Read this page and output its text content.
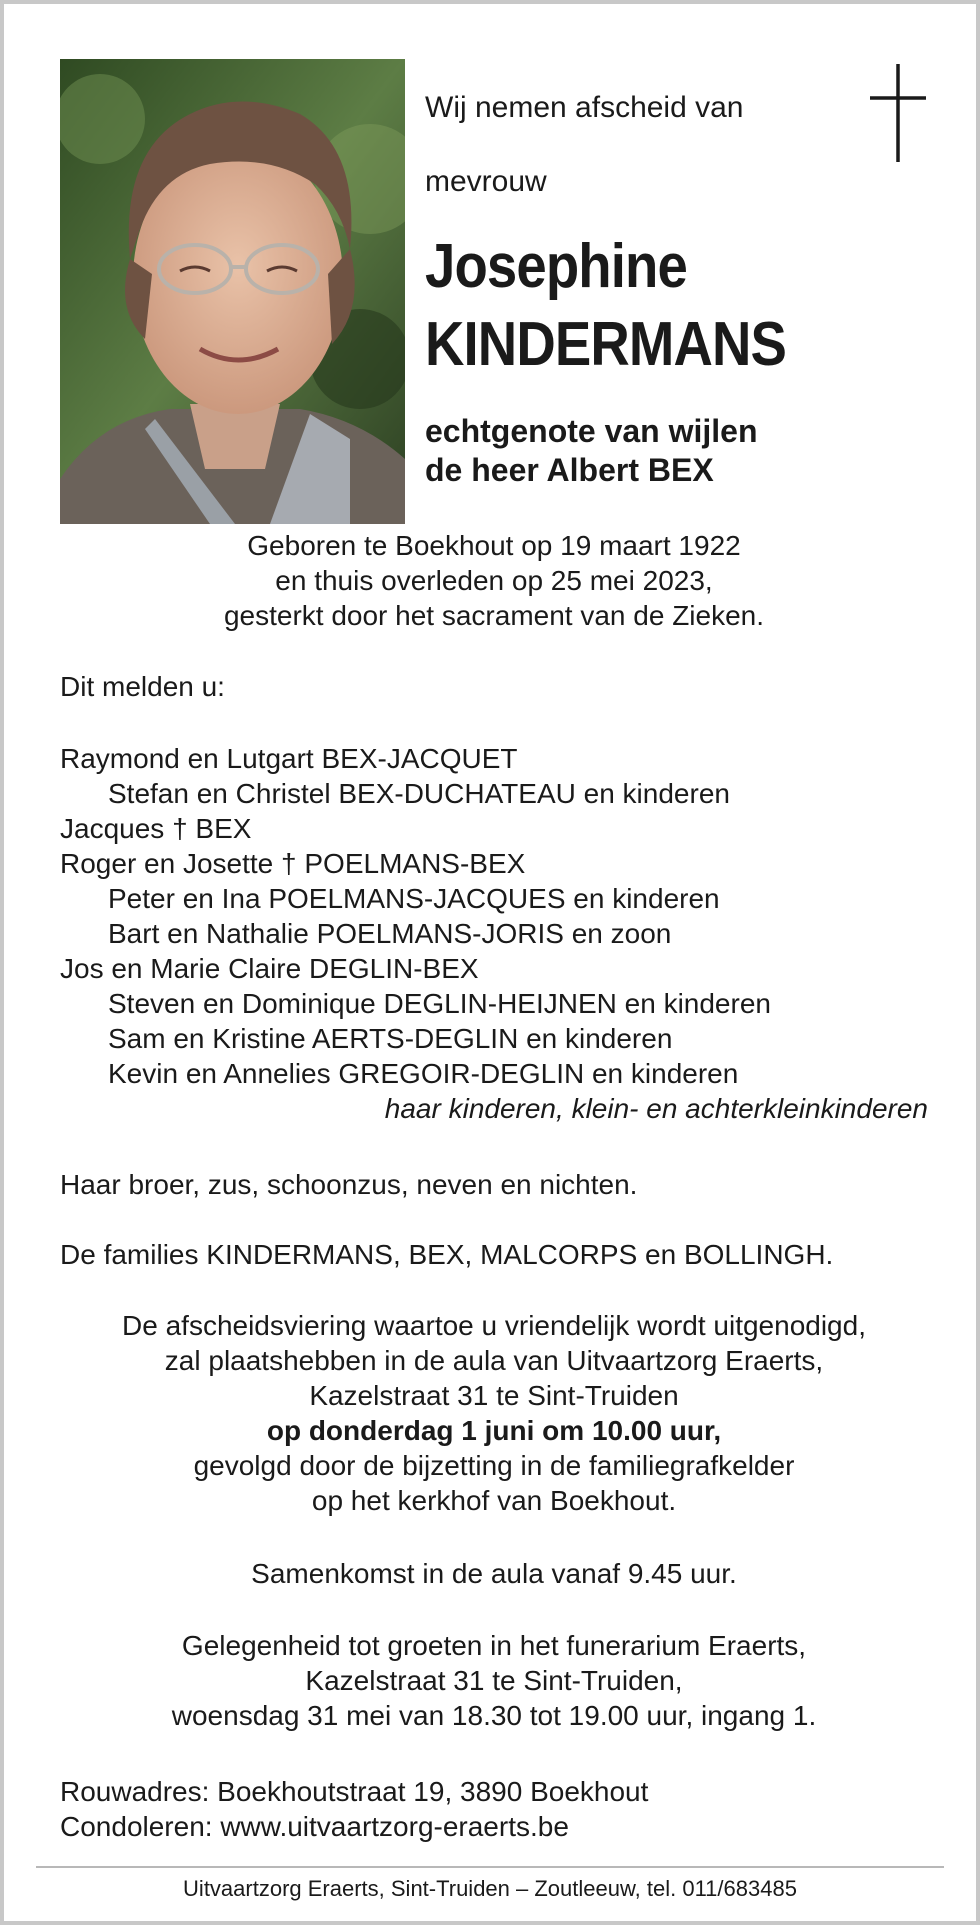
Wij nemen afscheid van
mevrouw
Josephine
KINDERMANS
echtgenote van wijlen
de heer Albert BEX
Geboren te Boekhout op 19 maart 1922
en thuis overleden op 25 mei 2023,
gesterkt door het sacrament van de Zieken.
Dit melden u:
Raymond en Lutgart BEX-JACQUET
Stefan en Christel BEX-DUCHATEAU en kinderen
Jacques † BEX
Roger en Josette † POELMANS-BEX
Peter en Ina POELMANS-JACQUES en kinderen
Bart en Nathalie POELMANS-JORIS en zoon
Jos en Marie Claire DEGLIN-BEX
Steven en Dominique DEGLIN-HEIJNEN en kinderen
Sam en Kristine AERTS-DEGLIN en kinderen
Kevin en Annelies GREGOIR-DEGLIN en kinderen
haar kinderen, klein- en achterkleinkinderen
Haar broer, zus, schoonzus, neven en nichten.
De families KINDERMANS, BEX, MALCORPS en BOLLINGH.
De afscheidsviering waartoe u vriendelijk wordt uitgenodigd,
zal plaatshebben in de aula van Uitvaartzorg Eraerts,
Kazelstraat 31 te Sint-Truiden
op donderdag 1 juni om 10.00 uur,
gevolgd door de bijzetting in de familiegrafkelder
op het kerkhof van Boekhout.
Samenkomst in de aula vanaf 9.45 uur.
Gelegenheid tot groeten in het funerarium Eraerts,
Kazelstraat 31 te Sint-Truiden,
woensdag 31 mei van 18.30 tot 19.00 uur, ingang 1.
Rouwadres: Boekhoutstraat 19, 3890 Boekhout
Condoleren: www.uitvaartzorg-eraerts.be
Uitvaartzorg Eraerts, Sint-Truiden – Zoutleeuw, tel. 011/683485
